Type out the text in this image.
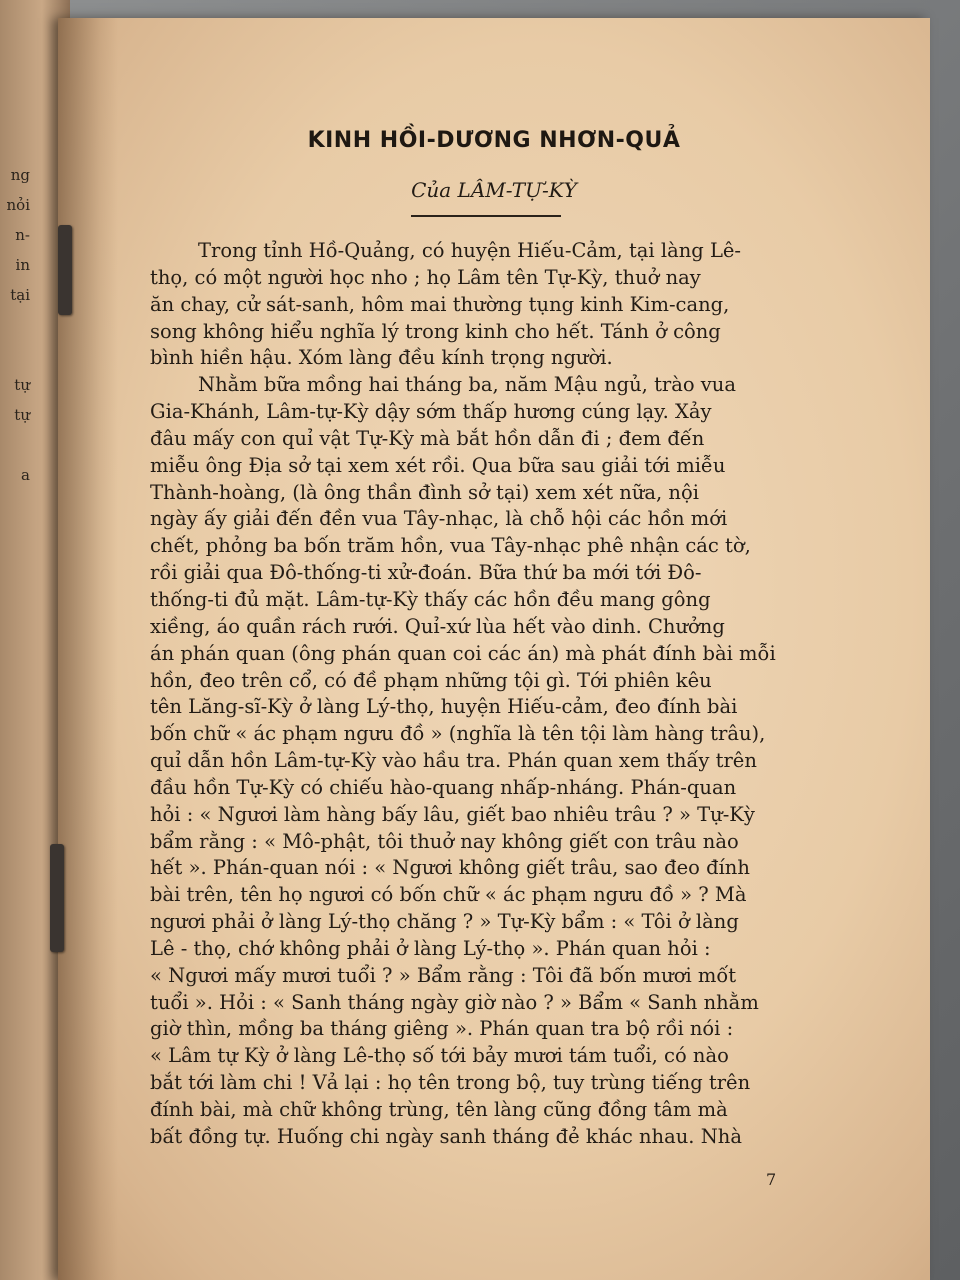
ng
nỏi
n-
in
tại

tự
tự

a
KINH HỒI-DƯƠNG NHƠN-QUẢ
Của LÂM-TỰ-KỲ
Trong tỉnh Hồ-Quảng, có huyện Hiếu-Cảm, tại làng Lê-
thọ, có một người học nho ; họ Lâm tên Tự-Kỳ, thuở nay
ăn chay, cử sát-sanh, hôm mai thường tụng kinh Kim-cang,
song không hiểu nghĩa lý trong kinh cho hết. Tánh ở công
bình hiền hậu. Xóm làng đều kính trọng người.
Nhằm bữa mồng hai tháng ba, năm Mậu ngủ, trào vua
Gia-Khánh, Lâm-tự-Kỳ dậy sớm thấp hương cúng lạy. Xảy
đâu mấy con quỉ vật Tự-Kỳ mà bắt hồn dẫn đi ; đem đến
miễu ông Địa sở tại xem xét rồi. Qua bữa sau giải tới miễu
Thành-hoàng, (là ông thần đình sở tại) xem xét nữa, nội
ngày ấy giải đến đền vua Tây-nhạc, là chỗ hội các hồn mới
chết, phỏng ba bốn trăm hồn, vua Tây-nhạc phê nhận các tờ,
rồi giải qua Đô-thống-ti xử-đoán. Bữa thứ ba mới tới Đô-
thống-ti đủ mặt. Lâm-tự-Kỳ thấy các hồn đều mang gông
xiềng, áo quần rách rưới. Quỉ-xứ lùa hết vào dinh. Chưởng
án phán quan (ông phán quan coi các án) mà phát đính bài mỗi
hồn, đeo trên cổ, có đề phạm những tội gì. Tới phiên kêu
tên Lăng-sĩ-Kỳ ở làng Lý-thọ, huyện Hiếu-cảm, đeo đính bài
bốn chữ « ác phạm ngưu đồ » (nghĩa là tên tội làm hàng trâu),
quỉ dẫn hồn Lâm-tự-Kỳ vào hầu tra. Phán quan xem thấy trên
đầu hồn Tự-Kỳ có chiếu hào-quang nhấp-nháng. Phán-quan
hỏi : « Ngươi làm hàng bấy lâu, giết bao nhiêu trâu ? » Tự-Kỳ
bẩm rằng : « Mô-phật, tôi thuở nay không giết con trâu nào
hết ». Phán-quan nói : « Ngươi không giết trâu, sao đeo đính
bài trên, tên họ ngươi có bốn chữ « ác phạm ngưu đồ » ? Mà
ngươi phải ở làng Lý-thọ chăng ? » Tự-Kỳ bẩm : « Tôi ở làng
Lê - thọ, chớ không phải ở làng Lý-thọ ». Phán quan hỏi :
« Ngươi mấy mươi tuổi ? » Bẩm rằng : Tôi đã bốn mươi mốt
tuổi ». Hỏi : « Sanh tháng ngày giờ nào ? » Bẩm « Sanh nhằm
giờ thìn, mồng ba tháng giêng ». Phán quan tra bộ rồi nói :
« Lâm tự Kỳ ở làng Lê-thọ số tới bảy mươi tám tuổi, có nào
bắt tới làm chi ! Vả lại : họ tên trong bộ, tuy trùng tiếng trên
đính bài, mà chữ không trùng, tên làng cũng đồng tâm mà
bất đồng tự. Huống chi ngày sanh tháng đẻ khác nhau. Nhà
7
